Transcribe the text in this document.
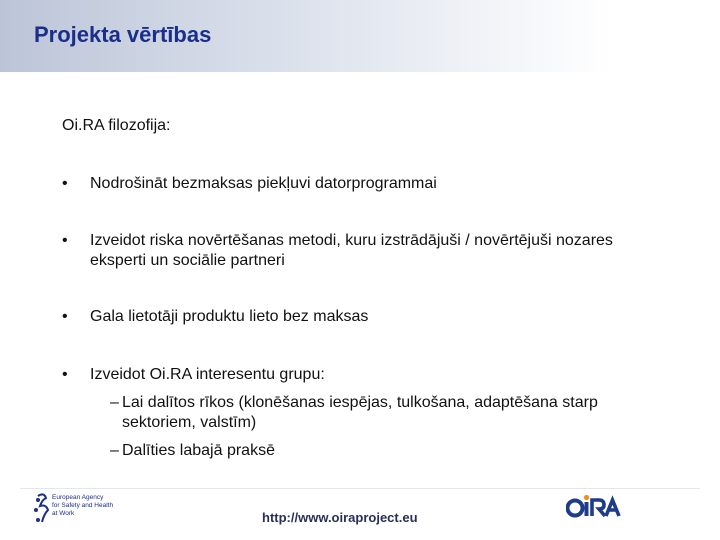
Projekta vērtības
Oi.RA filozofija:
• Nodrošināt bezmaksas piekļuvi datorprogrammai
• Izveidot riska novērtēšanas metodi, kuru izstrādājuši / novērtējuši nozares eksperti un sociālie partneri
• Gala lietotāji produktu lieto bez maksas
• Izveidot Oi.RA interesentu grupu:
– Lai dalītos rīkos (klonēšanas iespējas, tulkošana, adaptēšana starp sektoriem, valstīm)
– Dalīties labajā praksē
European Agency
for Safety and Health
at Work	http://www.oiraproject.eu
